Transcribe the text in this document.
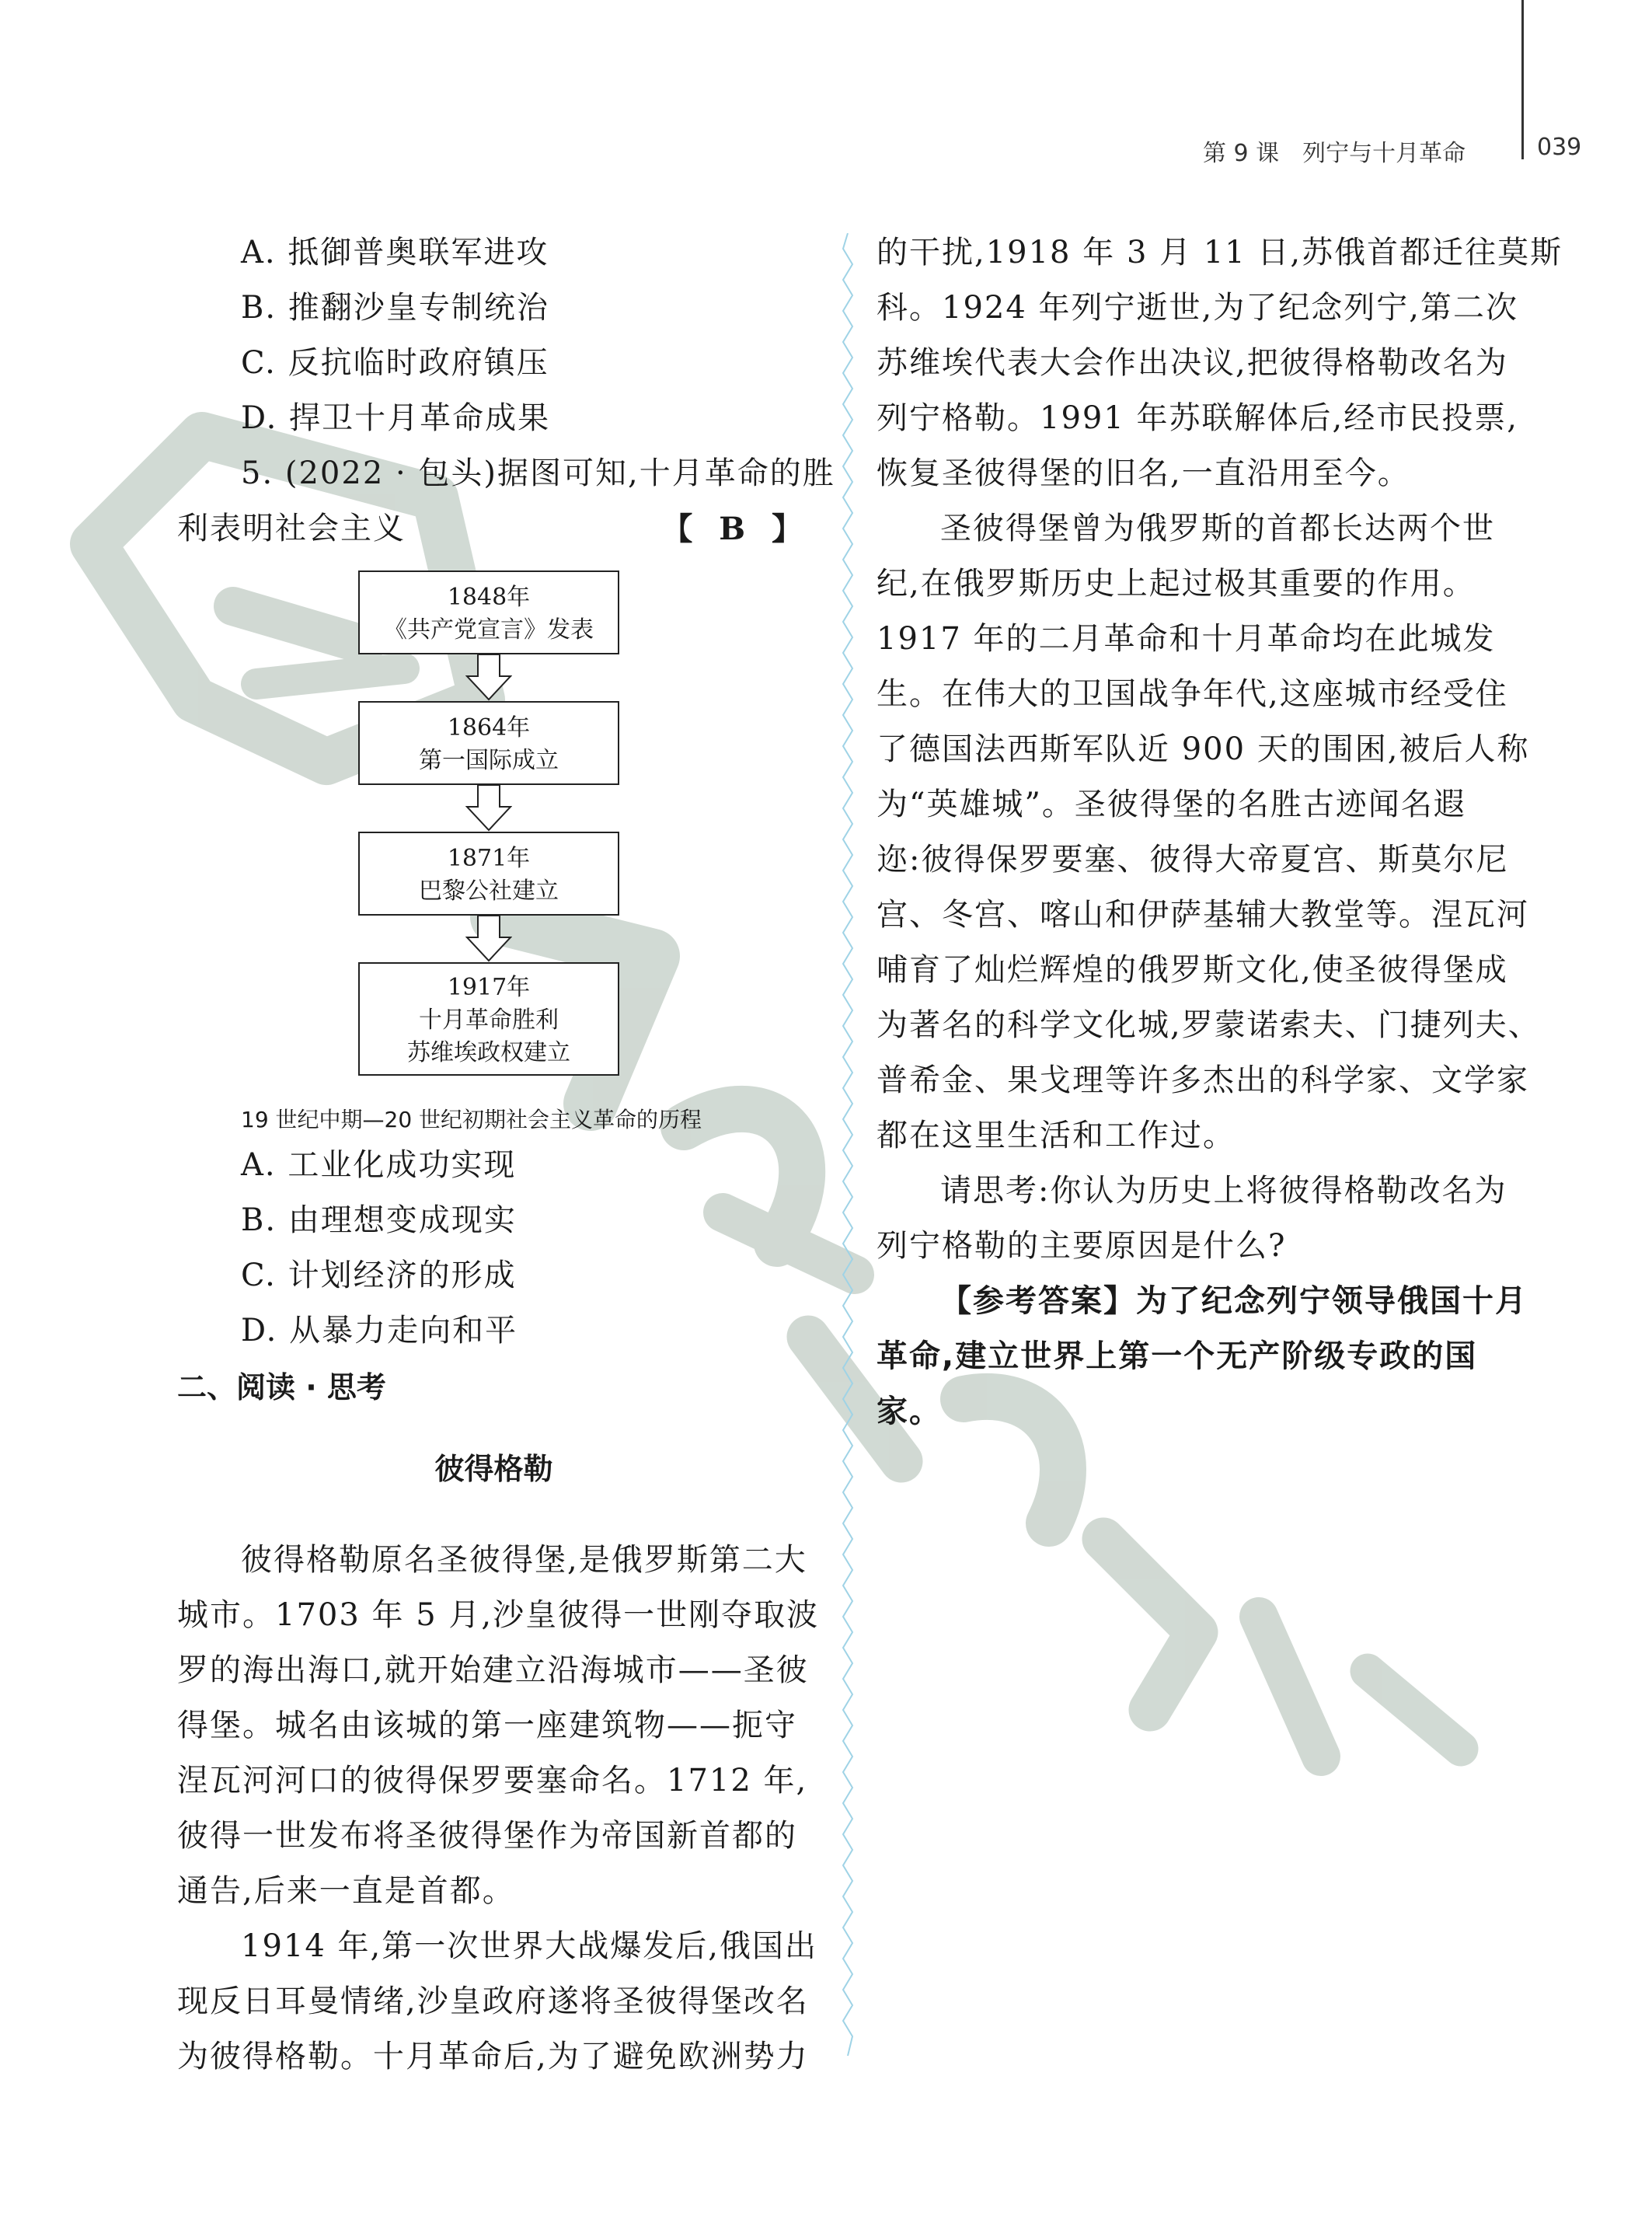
第 9 课　列宁与十月革命	039
A. 抵御普奥联军进攻
B. 推翻沙皇专制统治
C. 反抗临时政府镇压
D. 捍卫十月革命成果
5. (2022 · 包头)据图可知,十月革命的胜
利表明社会主义	【 B 】
1848年
《共产党宣言》发表
1864年
第一国际成立
1871年
巴黎公社建立
1917年
十月革命胜利
苏维埃政权建立
19 世纪中期—20 世纪初期社会主义革命的历程
A. 工业化成功实现
B. 由理想变成现实
C. 计划经济的形成
D. 从暴力走向和平
二、阅读 · 思考
彼得格勒
彼得格勒原名圣彼得堡,是俄罗斯第二大
城市。1703 年 5 月,沙皇彼得一世刚夺取波
罗的海出海口,就开始建立沿海城市——圣彼
得堡。城名由该城的第一座建筑物——扼守
涅瓦河河口的彼得保罗要塞命名。1712 年,
彼得一世发布将圣彼得堡作为帝国新首都的
通告,后来一直是首都。
1914 年,第一次世界大战爆发后,俄国出
现反日耳曼情绪,沙皇政府遂将圣彼得堡改名
为彼得格勒。十月革命后,为了避免欧洲势力
的干扰,1918 年 3 月 11 日,苏俄首都迁往莫斯
科。1924 年列宁逝世,为了纪念列宁,第二次
苏维埃代表大会作出决议,把彼得格勒改名为
列宁格勒。1991 年苏联解体后,经市民投票,
恢复圣彼得堡的旧名,一直沿用至今。
圣彼得堡曾为俄罗斯的首都长达两个世
纪,在俄罗斯历史上起过极其重要的作用。
1917 年的二月革命和十月革命均在此城发
生。在伟大的卫国战争年代,这座城市经受住
了德国法西斯军队近 900 天的围困,被后人称
为“英雄城”。圣彼得堡的名胜古迹闻名遐
迩:彼得保罗要塞、彼得大帝夏宫、斯莫尔尼
宫、冬宫、喀山和伊萨基辅大教堂等。涅瓦河
哺育了灿烂辉煌的俄罗斯文化,使圣彼得堡成
为著名的科学文化城,罗蒙诺索夫、门捷列夫、
普希金、果戈理等许多杰出的科学家、文学家
都在这里生活和工作过。
请思考:你认为历史上将彼得格勒改名为
列宁格勒的主要原因是什么?
【参考答案】为了纪念列宁领导俄国十月
革命,建立世界上第一个无产阶级专政的国
家。
